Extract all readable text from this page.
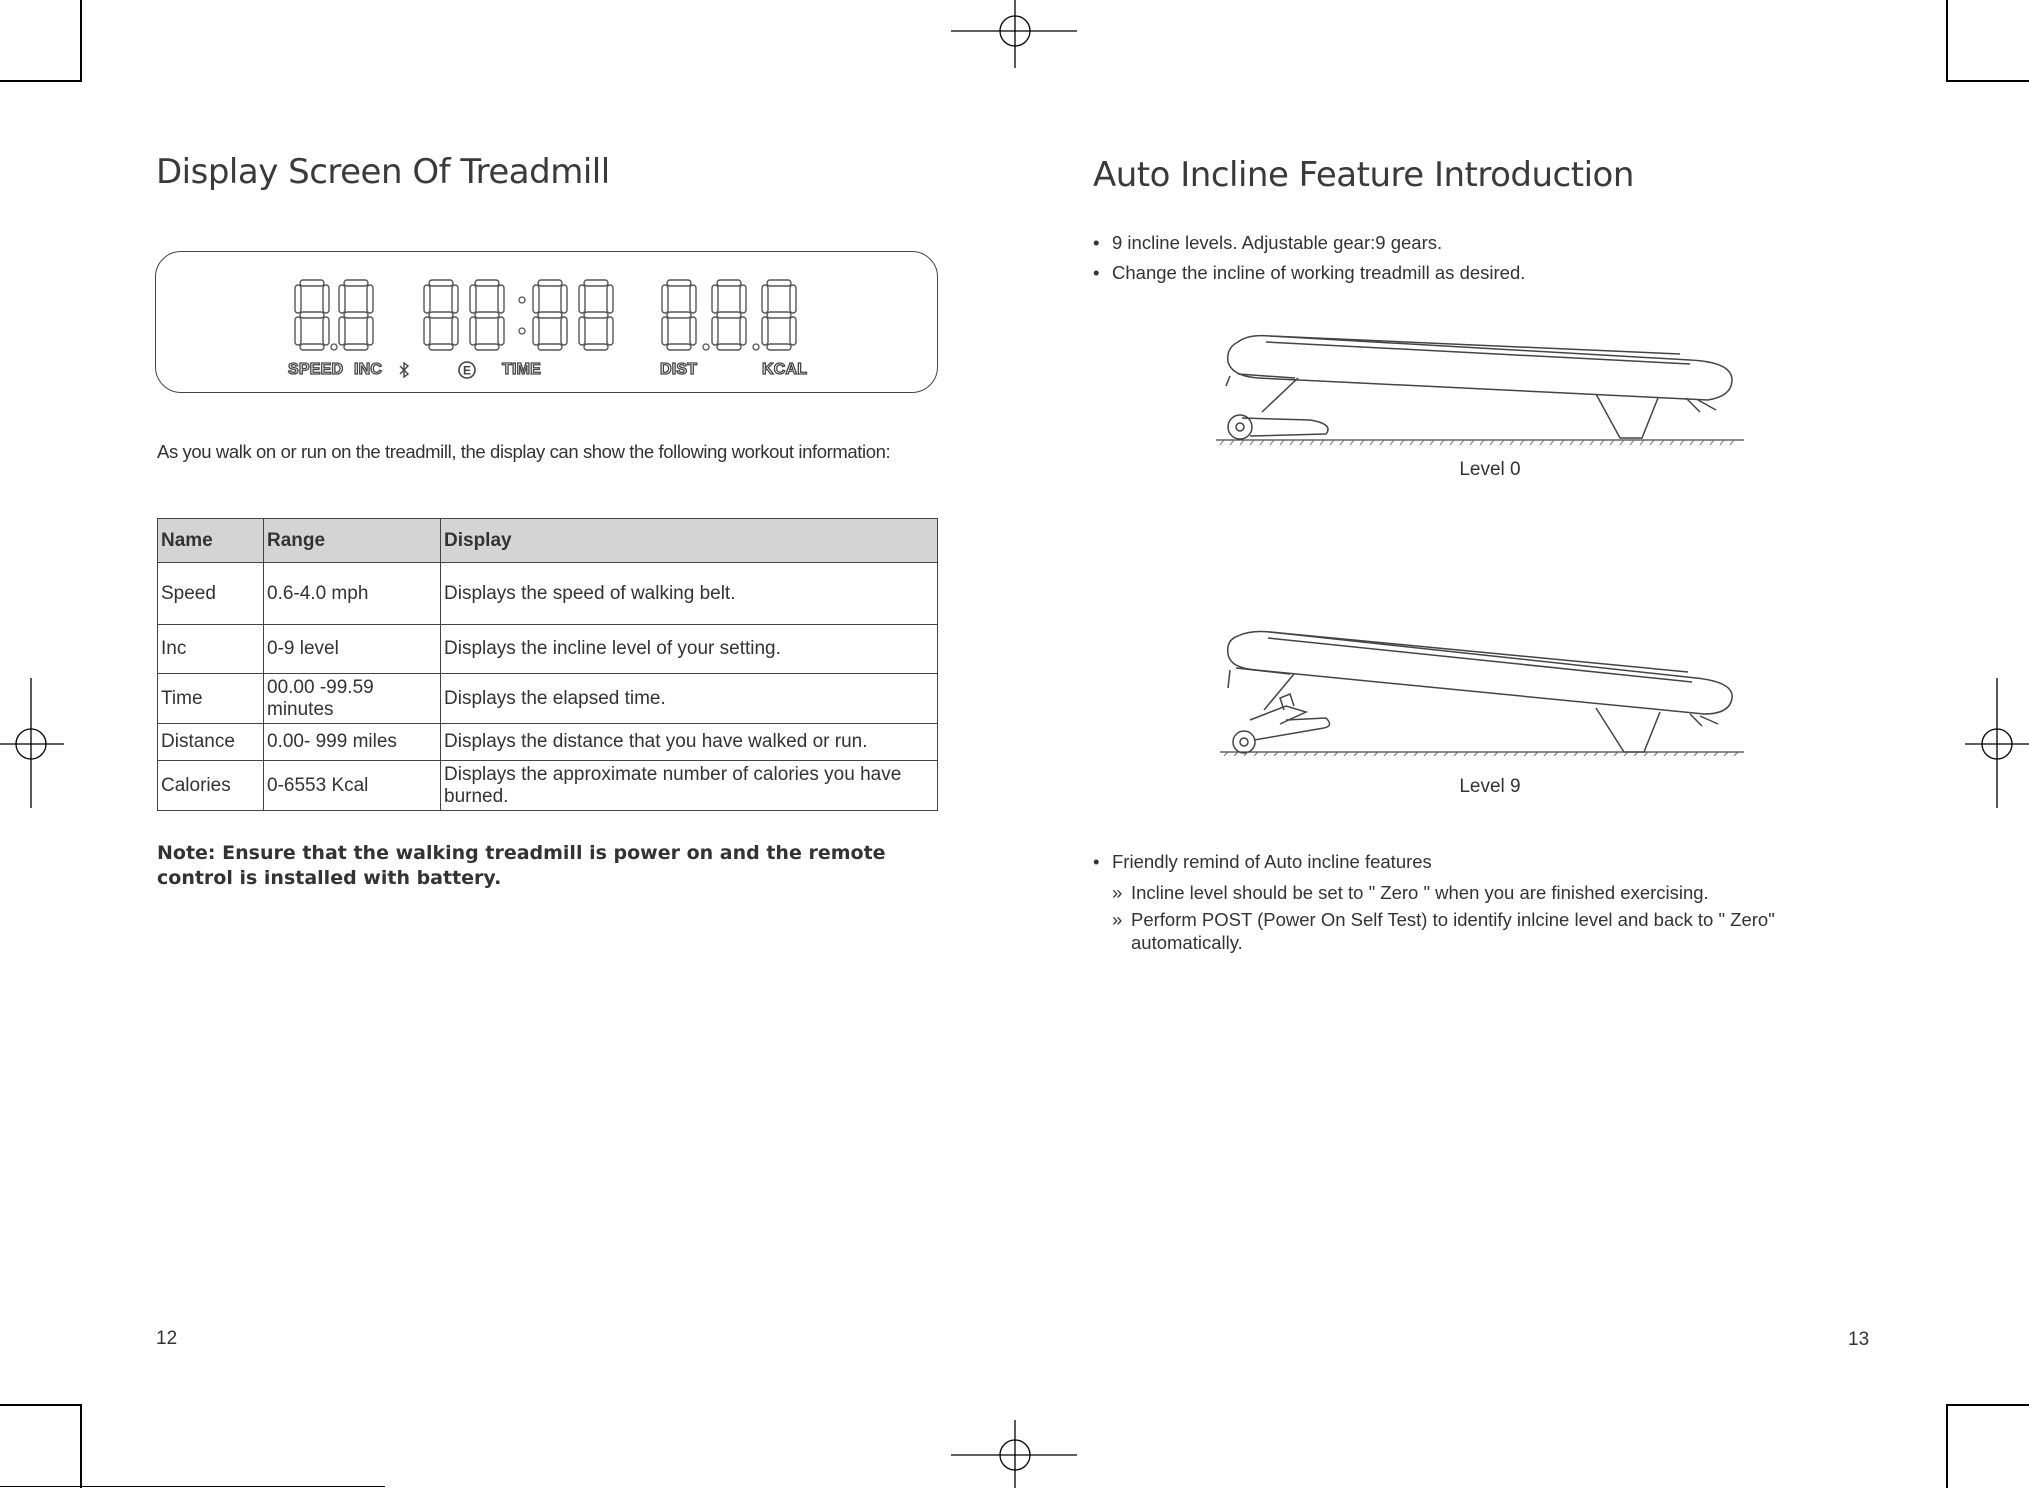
Display Screen Of Treadmill
SPEED INC	E TIME	DIST	KCAL
As you walk on or run on the treadmill, the display can show the following workout information:
Name	Range	Display
Speed	0.6-4.0 mph	Displays the speed of walking belt.
Inc	0-9 level	Displays the incline level of your setting.
Time	00.00 -99.59 minutes	Displays the elapsed time.
Distance	0.00- 999 miles	Displays the distance that you have walked or run.
Calories	0-6553 Kcal	Displays the approximate number of calories you have burned.
Note: Ensure that the walking treadmill is power on and the remote control is installed with battery.
12
Auto Incline Feature Introduction
• 9 incline levels. Adjustable gear:9 gears.
• Change the incline of working treadmill as desired.
Level 0
Level 9
• Friendly remind of Auto incline features
» Incline level should be set to " Zero " when you are finished exercising.
» Perform POST (Power On Self Test) to identify inlcine level and back to " Zero" automatically.
13
